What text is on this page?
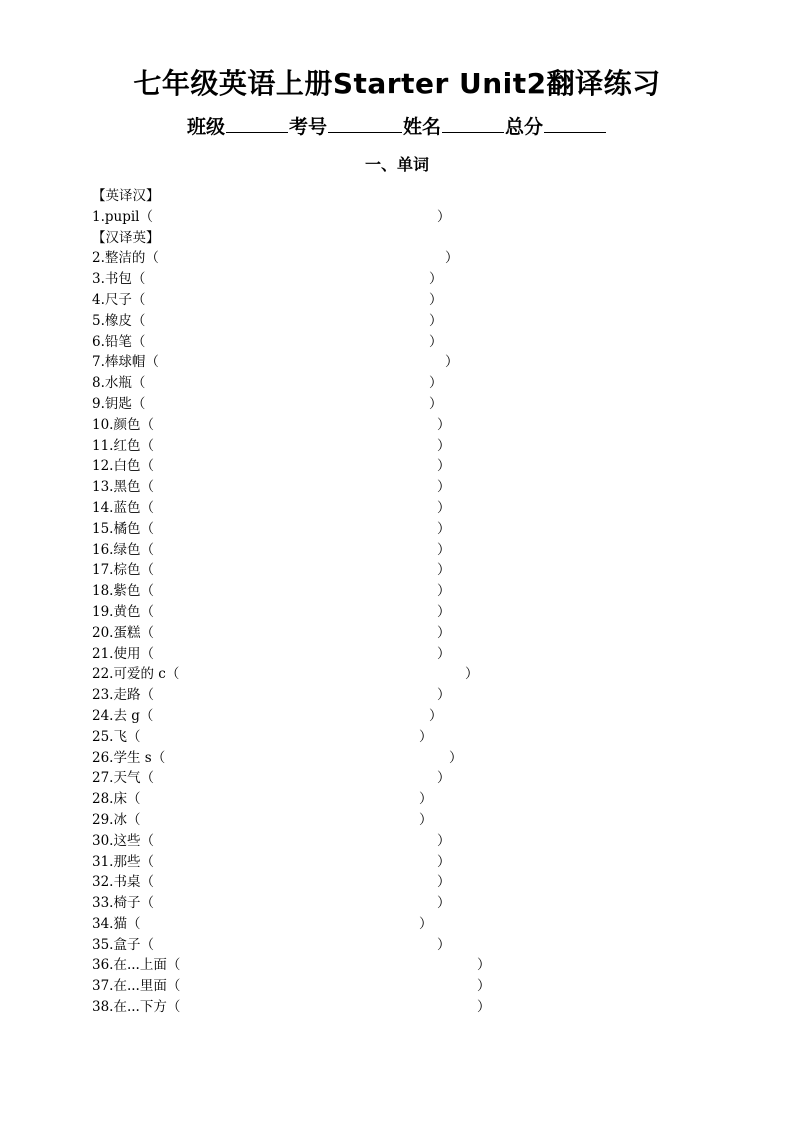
七年级英语上册Starter Unit2翻译练习
班级	考号	姓名	总分
一、单词
【英译汉】
1.pupil（	）
【汉译英】
2.整洁的（	）
3.书包（	）
4.尺子（	）
5.橡皮（	）
6.铅笔（	）
7.棒球帽（	）
8.水瓶（	）
9.钥匙（	）
10.颜色（	）
11.红色（	）
12.白色（	）
13.黑色（	）
14.蓝色（	）
15.橘色（	）
16.绿色（	）
17.棕色（	）
18.紫色（	）
19.黄色（	）
20.蛋糕（	）
21.使用（	）
22.可爱的 c（	）
23.走路（	）
24.去 g（	）
25.飞（	）
26.学生 s（	）
27.天气（	）
28.床（	）
29.冰（	）
30.这些（	）
31.那些（	）
32.书桌（	）
33.椅子（	）
34.猫（	）
35.盒子（	）
36.在...上面（	）
37.在...里面（	）
38.在...下方（	）
